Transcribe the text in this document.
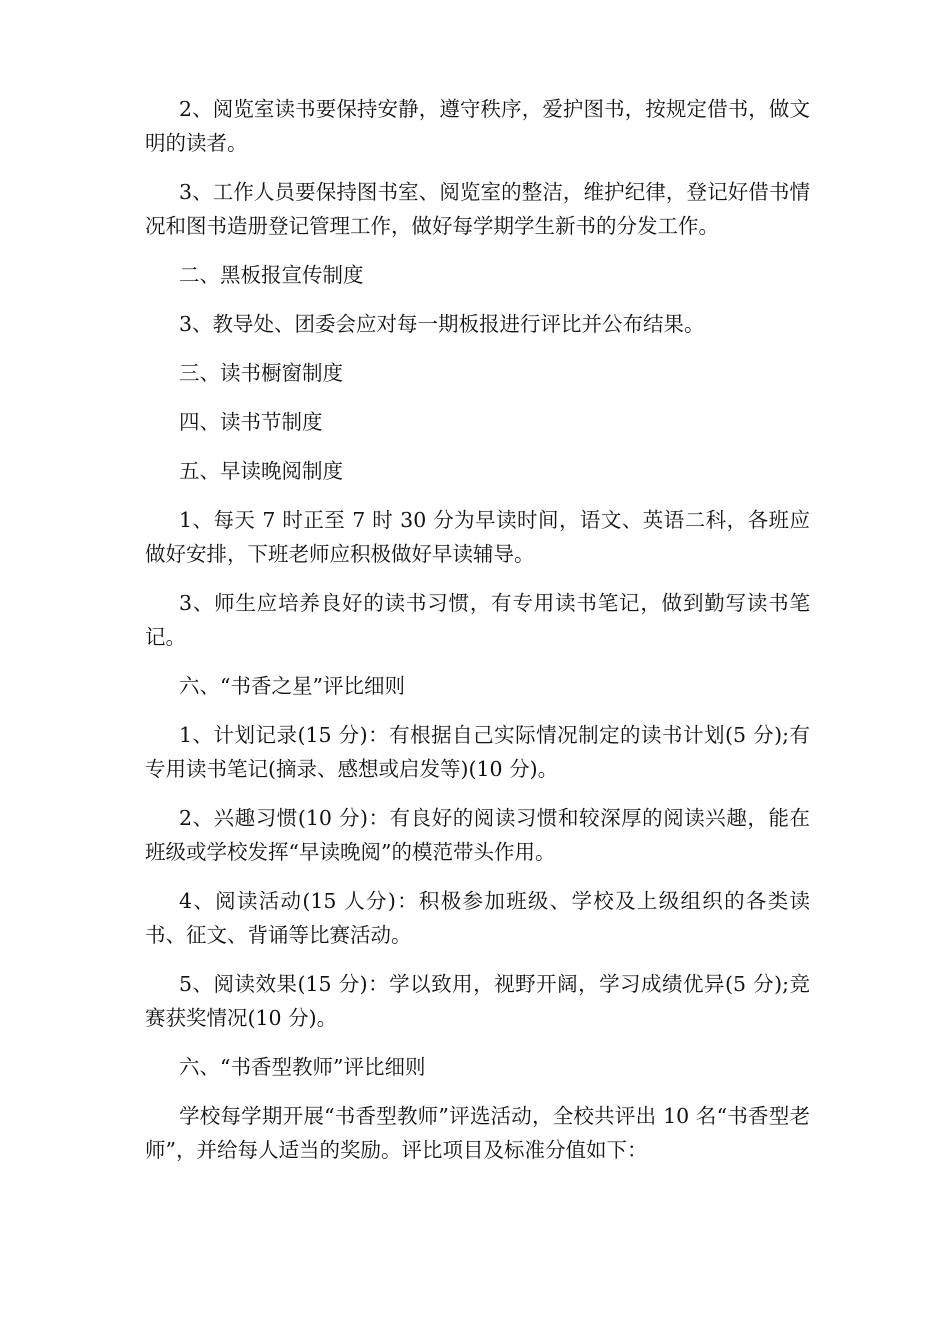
2、阅览室读书要保持安静，遵守秩序，爱护图书，按规定借书，做文明的读者。

3、工作人员要保持图书室、阅览室的整洁，维护纪律，登记好借书情况和图书造册登记管理工作，做好每学期学生新书的分发工作。

二、黑板报宣传制度

3、教导处、团委会应对每一期板报进行评比并公布结果。

三、读书橱窗制度

四、读书节制度

五、早读晚阅制度

1、每天 7 时正至 7 时 30 分为早读时间，语文、英语二科，各班应做好安排，下班老师应积极做好早读辅导。

3、师生应培养良好的读书习惯，有专用读书笔记，做到勤写读书笔记。

六、“书香之星”评比细则

1、计划记录(15 分)：有根据自己实际情况制定的读书计划(5 分);有专用读书笔记(摘录、感想或启发等)(10 分)。

2、兴趣习惯(10 分)：有良好的阅读习惯和较深厚的阅读兴趣，能在班级或学校发挥“早读晚阅”的模范带头作用。

4、阅读活动(15 人分)：积极参加班级、学校及上级组织的各类读书、征文、背诵等比赛活动。

5、阅读效果(15 分)：学以致用，视野开阔，学习成绩优异(5 分);竞赛获奖情况(10 分)。

六、“书香型教师”评比细则

学校每学期开展“书香型教师”评选活动，全校共评出 10 名“书香型老师”，并给每人适当的奖励。评比项目及标准分值如下：
